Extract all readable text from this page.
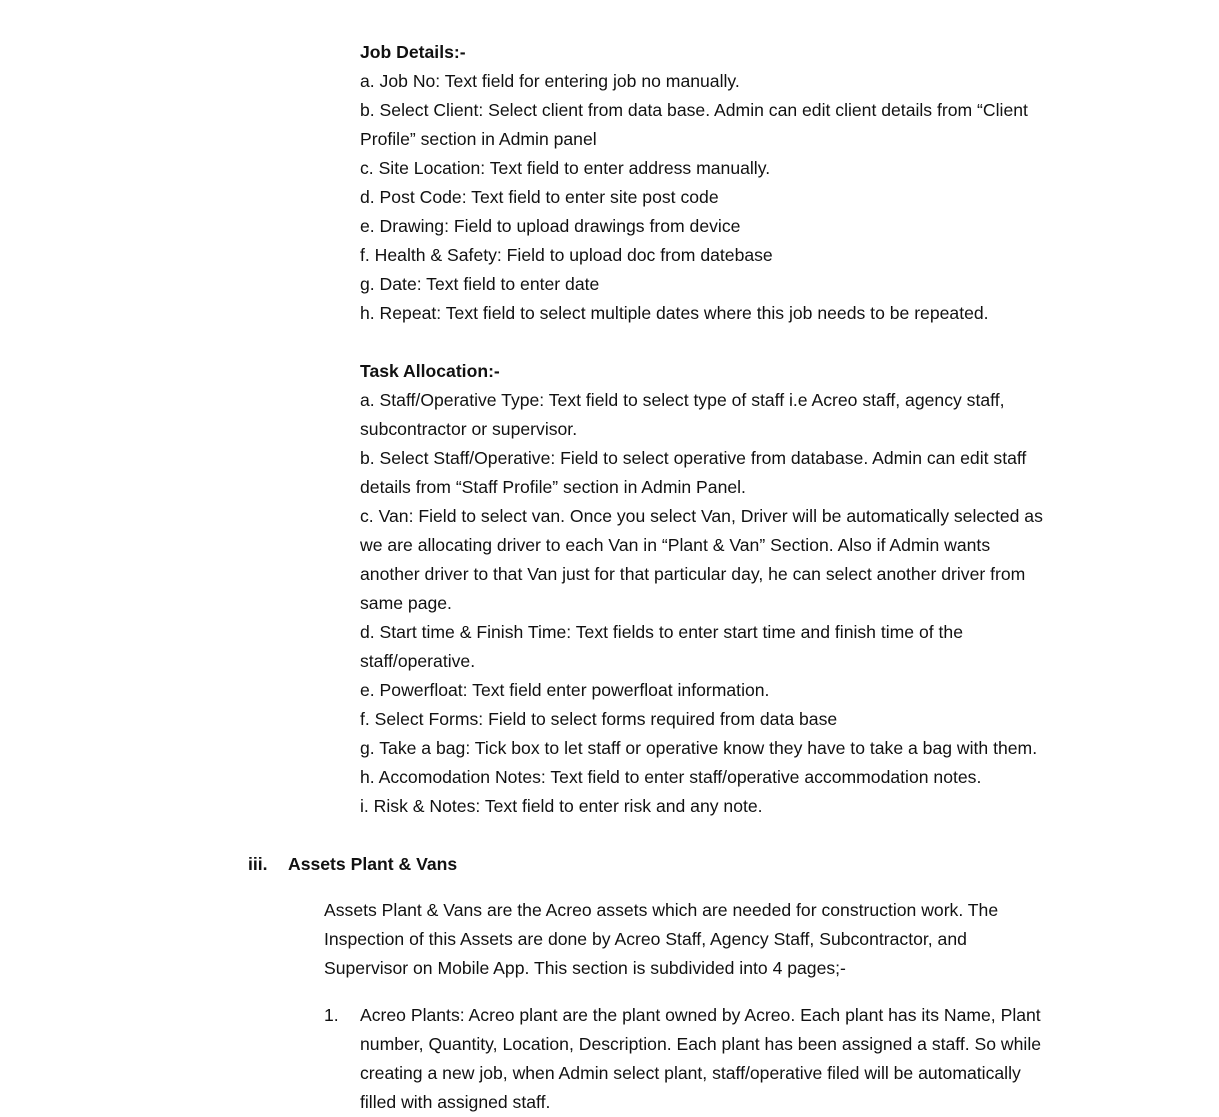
Job Details:-
a. Job No: Text field for entering job no manually.
b. Select Client: Select client from data base. Admin can edit client details from “Client
Profile” section in Admin panel
c. Site Location: Text field to enter address manually.
d. Post Code: Text field to enter site post code
e. Drawing: Field to upload drawings from device
f. Health & Safety: Field to upload doc from datebase
g. Date: Text field to enter date
h. Repeat: Text field to select multiple dates where this job needs to be repeated.
Task Allocation:-
a. Staff/Operative Type: Text field to select type of staff i.e Acreo staff, agency staff,
subcontractor or supervisor.
b. Select Staff/Operative: Field to select operative from database. Admin can edit staff
details from “Staff Profile” section in Admin Panel.
c. Van: Field to select van. Once you select Van, Driver will be automatically selected as
we are allocating driver to each Van in “Plant & Van” Section. Also if Admin wants
another driver to that Van just for that particular day, he can select another driver from
same page.
d. Start time & Finish Time: Text fields to enter start time and finish time of the
staff/operative.
e. Powerfloat: Text field enter powerfloat information.
f. Select Forms: Field to select forms required from data base
g. Take a bag: Tick box to let staff or operative know they have to take a bag with them.
h. Accomodation Notes: Text field to enter staff/operative accommodation notes.
i. Risk & Notes: Text field to enter risk and any note.
iii. Assets Plant & Vans
Assets Plant & Vans are the Acreo assets which are needed for construction work. The
Inspection of this Assets are done by Acreo Staff, Agency Staff, Subcontractor, and
Supervisor on Mobile App. This section is subdivided into 4 pages;-
1.	Acreo Plants: Acreo plant are the plant owned by Acreo. Each plant has its Name, Plant
number, Quantity, Location, Description. Each plant has been assigned a staff. So while
creating a new job, when Admin select plant, staff/operative filed will be automatically
filled with assigned staff.
